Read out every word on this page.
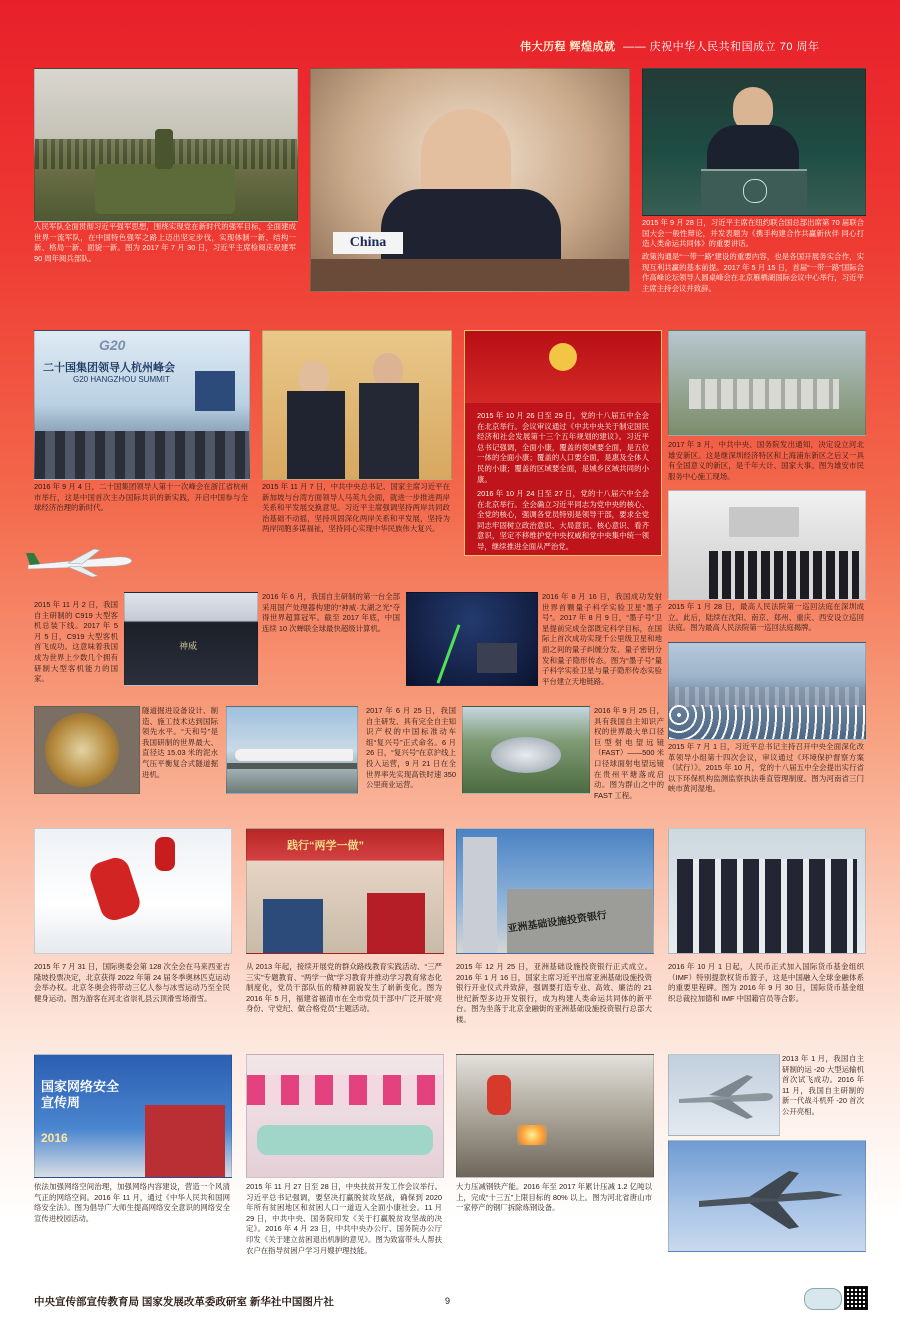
伟大历程 辉煌成就 —— 庆祝中华人民共和国成立 70 周年
人民军队全面贯彻习近平强军思想，围绕实现党在新时代的强军目标，全面建成世界一流军队，在中国特色强军之路上迈出坚定步伐，实现体制一新、结构一新、格局一新、面貌一新。图为 2017 年 7 月 30 日，习近平主席检阅庆祝建军 90 周年阅兵部队。
China
2015 年 9 月 28 日，习近平主席在纽约联合国总部出席第 70 届联合国大会一般性辩论，并发表题为《携手构建合作共赢新伙伴 同心打造人类命运共同体》的重要讲话。
政策沟通是“一带一路”建设的重要内容，也是各国开展务实合作，实现互利共赢的基本前提。2017 年 5 月 15 日，首届“一带一路”国际合作高峰论坛领导人圆桌峰会在北京雁栖湖国际会议中心举行，习近平主席主持会议并致辞。
G20
二十国集团领导人杭州峰会
G20 HANGZHOU SUMMIT
2016 年 9 月 4 日，二十国集团领导人第十一次峰会在浙江省杭州市举行，这是中国首次主办国际共识的新实践，开启中国参与全球经济治理的新时代。
2015 年 11 月 7 日，中共中央总书记、国家主席习近平在新加坡与台湾方面领导人马英九会面，就进一步推进两岸关系和平发展交换意见。习近平主席强调坚持两岸共同政治基础不动摇，坚持巩固深化两岸关系和平发展，坚持为两岸同胞多谋福祉，坚持同心实现中华民族伟大复兴。
2015 年 10 月 26 日至 29 日，党的十八届五中全会在北京举行。会议审议通过《中共中央关于制定国民经济和社会发展第十三个五年规划的建议》。习近平总书记强调，全面小康，覆盖的领域要全面，是五位一体的全面小康；覆盖的人口要全面，是惠及全体人民的小康；覆盖的区域要全面，是城乡区域共同的小康。
2016 年 10 月 24 日至 27 日，党的十八届六中全会在北京举行。全会确立习近平同志为党中央的核心、全党的核心，强调各党员特别是领导干部，要求全党同志牢固树立政治意识、大局意识、核心意识、看齐意识，坚定不移维护党中央权威和党中央集中统一领导，继续推进全面从严治党。
2017 年 3 月，中共中央、国务院发出通知，决定设立河北雄安新区。这是继深圳经济特区和上海浦东新区之后又一具有全国意义的新区，是千年大计、国家大事。图为雄安市民服务中心施工现场。
2015 年 11 月 2 日，我国自主研制的 C919 大型客机总装下线。2017 年 5 月 5 日，C919 大型客机首飞成功。这意味着我国成为世界上少数几个拥有研制大型客机能力的国家。
神威
2016 年 6 月，我国自主研制的第一台全部采用国产处理器构建的“神威·太湖之光”夺得世界超算冠军。截至 2017 年底，中国连续 10 次蝉联全球最快超级计算机。
2016 年 8 月 16 日，我国成功发射世界首颗量子科学实验卫星“墨子号”。2017 年 8 月 9 日，“墨子号”卫星提前完成全部既定科学目标，在国际上首次成功实现千公里级卫星和地面之间的量子纠缠分发、量子密钥分发和量子隐形传态。图为“墨子号”量子科学实验卫星与量子隐形传态实验平台建立天地链路。
2015 年 1 月 28 日，最高人民法院第一巡回法庭在深圳成立。此后，陆续在沈阳、南京、郑州、重庆、西安设立巡回法庭。图为最高人民法院第一巡回法庭揭牌。
隧道掘进设备设计、制造、施工技术达到国际领先水平。“天和号”是我国研制的世界最大、直径达 15.03 米的泥水气压平衡复合式隧道掘进机。
2017 年 6 月 25 日，我国自主研发、具有完全自主知识产权的中国标准动车组“复兴号”正式命名。6 月 26 日，“复兴号”在京沪线上投入运营，9 月 21 日在全世界率先实现高铁时速 350 公里商业运营。
2016 年 9 月 25 日，具有我国自主知识产权的世界最大单口径巨型射电望远镜（FAST）——500 米口径球面射电望远镜在贵州平塘落成启动。图为群山之中的 FAST 工程。
2015 年 7 月 1 日，习近平总书记主持召开中央全面深化改革领导小组第十四次会议，审议通过《环境保护督察方案（试行）》。2015 年 10 月，党的十八届五中全会提出实行省以下环保机构监测监察执法垂直管理制度。图为河南省三门峡市黄河湿地。
2015 年 7 月 31 日，国际奥委会第 128 次全会在马来西亚吉隆坡投票决定，北京获得 2022 年第 24 届冬季奥林匹克运动会举办权。北京冬奥会将带动三亿人参与冰雪运动乃至全民健身运动。图为游客在河北省崇礼县云顶滑雪场滑雪。
践行“两学一做”
从 2013 年起，接续开展党的群众路线教育实践活动、“三严三实”专题教育、“两学一做”学习教育并推动学习教育常态化制度化，党员干部队伍的精神面貌发生了崭新变化。图为 2016 年 5 月，福建省福清市在全市党员干部中广泛开展“亮身份、守党纪、做合格党员”主题活动。
亚洲基础设施投资银行
2015 年 12 月 25 日，亚洲基础设施投资银行正式成立。2016 年 1 月 16 日，国家主席习近平出席亚洲基础设施投资银行开业仪式并致辞，强调要打造专业、高效、廉洁的 21 世纪新型多边开发银行，成为构建人类命运共同体的新平台。图为坐落于北京金融街的亚洲基础设施投资银行总部大楼。
2016 年 10 月 1 日起，人民币正式加入国际货币基金组织（IMF）特别提款权货币篮子，这是中国融入全球金融体系的重要里程碑。图为 2016 年 9 月 30 日，国际货币基金组织总裁拉加德和 IMF 中国籍官员等合影。
国家网络安全宣传周
2016
依法加强网络空间治理，加强网络内容建设，营造一个风清气正的网络空间。2016 年 11 月，通过《中华人民共和国网络安全法》。图为倡导广大师生提高网络安全意识的网络安全宣传进校园活动。
2015 年 11 月 27 日至 28 日，中央扶贫开发工作会议举行。习近平总书记强调，要坚决打赢脱贫攻坚战，确保到 2020 年所有贫困地区和贫困人口一道迈入全面小康社会。11 月 29 日，中共中央、国务院印发《关于打赢脱贫攻坚战的决定》。2016 年 4 月 23 日，中共中央办公厅、国务院办公厅印发《关于建立贫困退出机制的意见》。图为致富带头人帮扶农户在指导贫困户学习月嫂护理技能。
大力压减钢铁产能。2016 年至 2017 年累计压减 1.2 亿吨以上，完成“十三五”上限目标的 80% 以上。图为河北省唐山市一家停产的钢厂拆除炼钢设备。
2013 年 1 月，我国自主研制的运 -20 大型运输机首次试飞成功。2016 年 11 月，我国自主研制的新一代战斗机歼 -20 首次公开亮相。
中央宣传部宣传教育局 国家发展改革委政研室 新华社中国图片社	9
